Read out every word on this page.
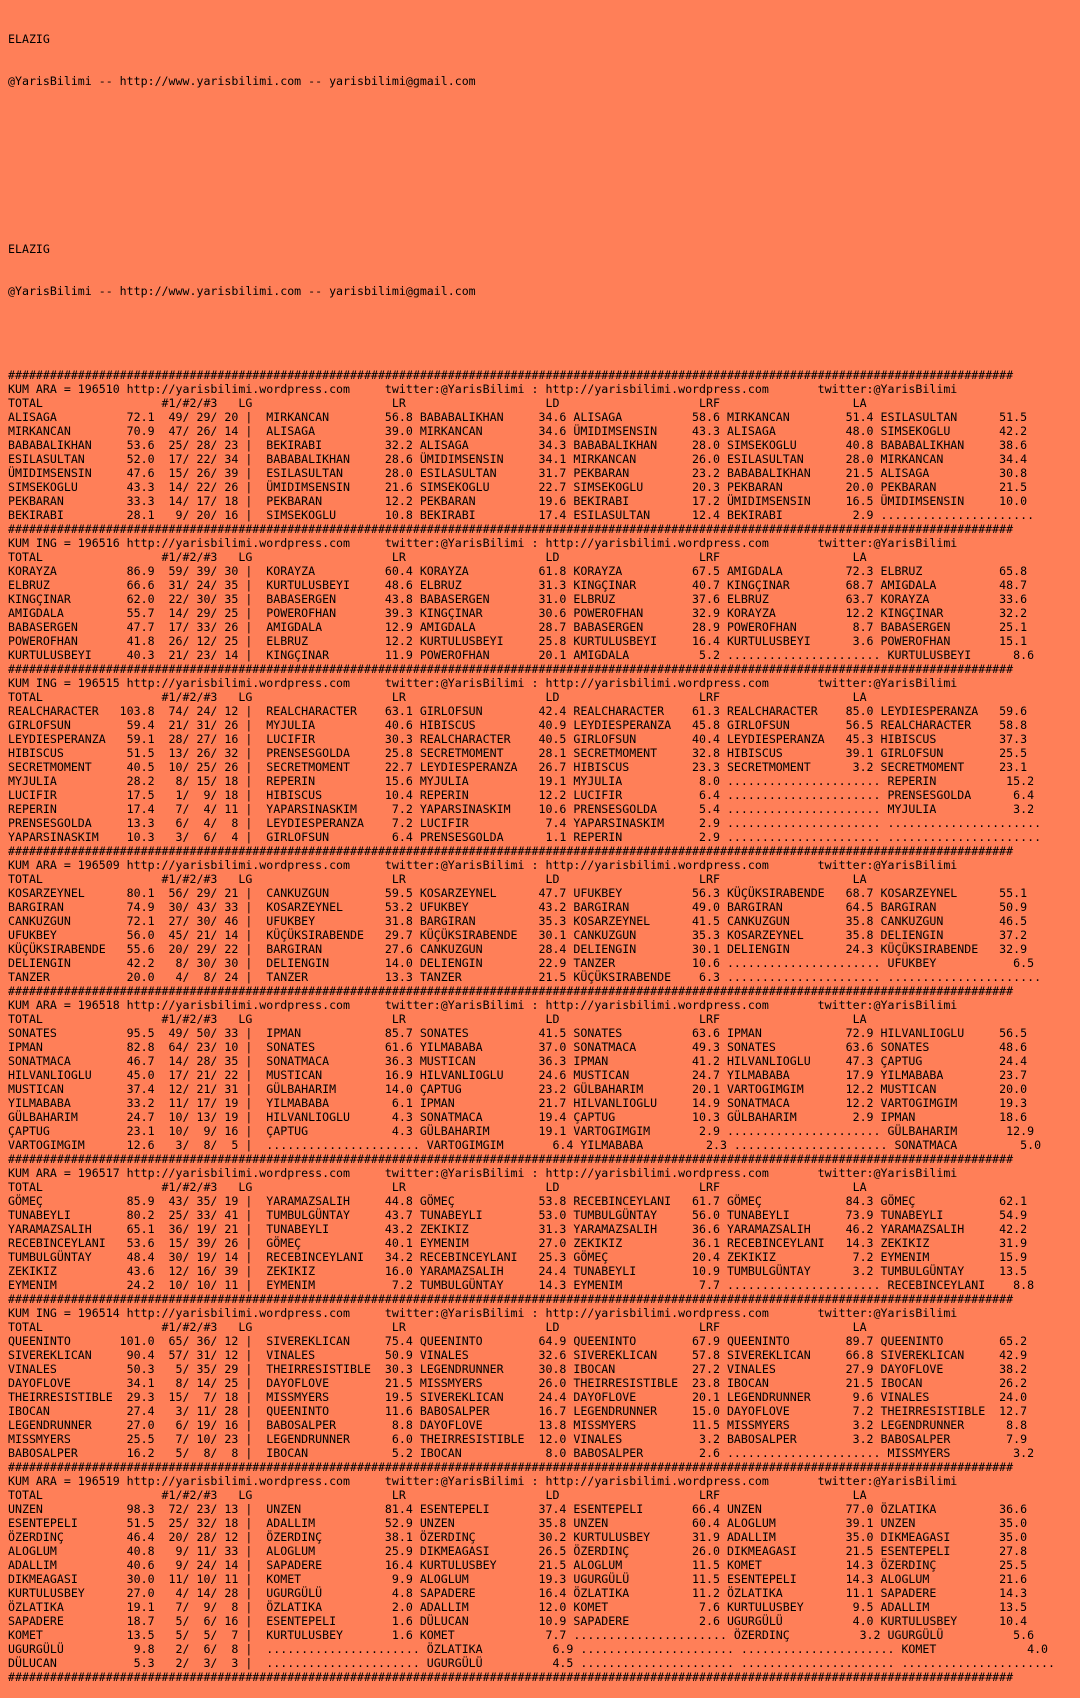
ELAZIG

@YarisBilimi -- http://www.yarisbilimi.com -- yarisbilimi@gmail.com

ELAZIG

@YarisBilimi -- http://www.yarisbilimi.com -- yarisbilimi@gmail.com

################################################################################################################################################
KUM ARA = 196510 http://yarisbilimi.wordpress.com     twitter:@YarisBilimi : http://yarisbilimi.wordpress.com       twitter:@YarisBilimi
TOTAL                 #1/#2/#3   LG                    LR                    LD                    LRF                   LA
ALISAGA          72.1  49/ 29/ 20 |  MIRKANCAN        56.8 BABABALIKHAN     34.6 ALISAGA          58.6 MIRKANCAN        51.4 ESILASULTAN      51.5
MIRKANCAN        70.9  47/ 26/ 14 |  ALISAGA          39.0 MIRKANCAN        34.6 ÜMIDIMSENSIN     43.3 ALISAGA          48.0 SIMSEKOGLU       42.2
BABABALIKHAN     53.6  25/ 28/ 23 |  BEKIRABI         32.2 ALISAGA          34.3 BABABALIKHAN     28.0 SIMSEKOGLU       40.8 BABABALIKHAN     38.6
ESILASULTAN      52.0  17/ 22/ 34 |  BABABALIKHAN     28.6 ÜMIDIMSENSIN     34.1 MIRKANCAN        26.0 ESILASULTAN      28.0 MIRKANCAN        34.4
ÜMIDIMSENSIN     47.6  15/ 26/ 39 |  ESILASULTAN      28.0 ESILASULTAN      31.7 PEKBARAN         23.2 BABABALIKHAN     21.5 ALISAGA          30.8
SIMSEKOGLU       43.3  14/ 22/ 26 |  ÜMIDIMSENSIN     21.6 SIMSEKOGLU       22.7 SIMSEKOGLU       20.3 PEKBARAN         20.0 PEKBARAN         21.5
PEKBARAN         33.3  14/ 17/ 18 |  PEKBARAN         12.2 PEKBARAN         19.6 BEKIRABI         17.2 ÜMIDIMSENSIN     16.5 ÜMIDIMSENSIN     10.0
BEKIRABI         28.1   9/ 20/ 16 |  SIMSEKOGLU       10.8 BEKIRABI         17.4 ESILASULTAN      12.4 BEKIRABI          2.9 ......................
################################################################################################################################################
KUM ING = 196516 http://yarisbilimi.wordpress.com     twitter:@YarisBilimi : http://yarisbilimi.wordpress.com       twitter:@YarisBilimi
TOTAL                 #1/#2/#3   LG                    LR                    LD                    LRF                   LA
KORAYZA          86.9  59/ 39/ 30 |  KORAYZA          60.4 KORAYZA          61.8 KORAYZA          67.5 AMIGDALA         72.3 ELBRUZ           65.8
ELBRUZ           66.6  31/ 24/ 35 |  KURTULUSBEYI     48.6 ELBRUZ           31.3 KINGÇINAR        40.7 KINGÇINAR        68.7 AMIGDALA         48.7
KINGÇINAR        62.0  22/ 30/ 35 |  BABASERGEN       43.8 BABASERGEN       31.0 ELBRUZ           37.6 ELBRUZ           63.7 KORAYZA          33.6
AMIGDALA         55.7  14/ 29/ 25 |  POWEROFHAN       39.3 KINGÇINAR        30.6 POWEROFHAN       32.9 KORAYZA          12.2 KINGÇINAR        32.2
BABASERGEN       47.7  17/ 33/ 26 |  AMIGDALA         12.9 AMIGDALA         28.7 BABASERGEN       28.9 POWEROFHAN        8.7 BABASERGEN       25.1
POWEROFHAN       41.8  26/ 12/ 25 |  ELBRUZ           12.2 KURTULUSBEYI     25.8 KURTULUSBEYI     16.4 KURTULUSBEYI      3.6 POWEROFHAN       15.1
KURTULUSBEYI     40.3  21/ 23/ 14 |  KINGÇINAR        11.9 POWEROFHAN       20.1 AMIGDALA          5.2 ...................... KURTULUSBEYI      8.6
################################################################################################################################################
KUM ING = 196515 http://yarisbilimi.wordpress.com     twitter:@YarisBilimi : http://yarisbilimi.wordpress.com       twitter:@YarisBilimi
TOTAL                 #1/#2/#3   LG                    LR                    LD                    LRF                   LA
REALCHARACTER   103.8  74/ 24/ 12 |  REALCHARACTER    63.1 GIRLOFSUN        42.4 REALCHARACTER    61.3 REALCHARACTER    85.0 LEYDIESPERANZA   59.6
GIRLOFSUN        59.4  21/ 31/ 26 |  MYJULIA          40.6 HIBISCUS         40.9 LEYDIESPERANZA   45.8 GIRLOFSUN        56.5 REALCHARACTER    58.8
LEYDIESPERANZA   59.1  28/ 27/ 16 |  LUCIFIR          30.3 REALCHARACTER    40.5 GIRLOFSUN        40.4 LEYDIESPERANZA   45.3 HIBISCUS         37.3
HIBISCUS         51.5  13/ 26/ 32 |  PRENSESGOLDA     25.8 SECRETMOMENT     28.1 SECRETMOMENT     32.8 HIBISCUS         39.1 GIRLOFSUN        25.5
SECRETMOMENT     40.5  10/ 25/ 26 |  SECRETMOMENT     22.7 LEYDIESPERANZA   26.7 HIBISCUS         23.3 SECRETMOMENT      3.2 SECRETMOMENT     23.1
MYJULIA          28.2   8/ 15/ 18 |  REPERIN          15.6 MYJULIA          19.1 MYJULIA           8.0 ...................... REPERIN          15.2
LUCIFIR          17.5   1/  9/ 18 |  HIBISCUS         10.4 REPERIN          12.2 LUCIFIR           6.4 ...................... PRENSESGOLDA      6.4
REPERIN          17.4   7/  4/ 11 |  YAPARSINASKIM     7.2 YAPARSINASKIM    10.6 PRENSESGOLDA      5.4 ...................... MYJULIA           3.2
PRENSESGOLDA     13.3   6/  4/  8 |  LEYDIESPERANZA    7.2 LUCIFIR           7.4 YAPARSINASKIM     2.9 ...................... ......................
YAPARSINASKIM    10.3   3/  6/  4 |  GIRLOFSUN         6.4 PRENSESGOLDA      1.1 REPERIN           2.9 ...................... ......................
################################################################################################################################################
KUM ARA = 196509 http://yarisbilimi.wordpress.com     twitter:@YarisBilimi : http://yarisbilimi.wordpress.com       twitter:@YarisBilimi
TOTAL                 #1/#2/#3   LG                    LR                    LD                    LRF                   LA
KOSARZEYNEL      80.1  56/ 29/ 21 |  CANKUZGUN        59.5 KOSARZEYNEL      47.7 UFUKBEY          56.3 KÜÇÜKSIRABENDE   68.7 KOSARZEYNEL      55.1
BARGIRAN         74.9  30/ 43/ 33 |  KOSARZEYNEL      53.2 UFUKBEY          43.2 BARGIRAN         49.0 BARGIRAN         64.5 BARGIRAN         50.9
CANKUZGUN        72.1  27/ 30/ 46 |  UFUKBEY          31.8 BARGIRAN         35.3 KOSARZEYNEL      41.5 CANKUZGUN        35.8 CANKUZGUN        46.5
UFUKBEY          56.0  45/ 21/ 14 |  KÜÇÜKSIRABENDE   29.7 KÜÇÜKSIRABENDE   30.1 CANKUZGUN        35.3 KOSARZEYNEL      35.8 DELIENGIN        37.2
KÜÇÜKSIRABENDE   55.6  20/ 29/ 22 |  BARGIRAN         27.6 CANKUZGUN        28.4 DELIENGIN        30.1 DELIENGIN        24.3 KÜÇÜKSIRABENDE   32.9
DELIENGIN        42.2   8/ 30/ 30 |  DELIENGIN        14.0 DELIENGIN        22.9 TANZER           10.6 ...................... UFUKBEY           6.5
TANZER           20.0   4/  8/ 24 |  TANZER           13.3 TANZER           21.5 KÜÇÜKSIRABENDE    6.3 ...................... ......................
################################################################################################################################################
KUM ARA = 196518 http://yarisbilimi.wordpress.com     twitter:@YarisBilimi : http://yarisbilimi.wordpress.com       twitter:@YarisBilimi
TOTAL                 #1/#2/#3   LG                    LR                    LD                    LRF                   LA
SONATES          95.5  49/ 50/ 33 |  IPMAN            85.7 SONATES          41.5 SONATES          63.6 IPMAN            72.9 HILVANLIOGLU     56.5
IPMAN            82.8  64/ 23/ 10 |  SONATES          61.6 YILMABABA        37.0 SONATMACA        49.3 SONATES          63.6 SONATES          48.6
SONATMACA        46.7  14/ 28/ 35 |  SONATMACA        36.3 MUSTICAN         36.3 IPMAN            41.2 HILVANLIOGLU     47.3 ÇAPTUG           24.4
HILVANLIOGLU     45.0  17/ 21/ 22 |  MUSTICAN         16.9 HILVANLIOGLU     24.6 MUSTICAN         24.7 YILMABABA        17.9 YILMABABA        23.7
MUSTICAN         37.4  12/ 21/ 31 |  GÜLBAHARIM       14.0 ÇAPTUG           23.2 GÜLBAHARIM       20.1 VARTOGIMGIM      12.2 MUSTICAN         20.0
YILMABABA        33.2  11/ 17/ 19 |  YILMABABA         6.1 IPMAN            21.7 HILVANLIOGLU     14.9 SONATMACA        12.2 VARTOGIMGIM      19.3
GÜLBAHARIM       24.7  10/ 13/ 19 |  HILVANLIOGLU      4.3 SONATMACA        19.4 ÇAPTUG           10.3 GÜLBAHARIM        2.9 IPMAN            18.6
ÇAPTUG           23.1  10/  9/ 16 |  ÇAPTUG            4.3 GÜLBAHARIM       19.1 VARTOGIMGIM       2.9 ...................... GÜLBAHARIM       12.9
VARTOGIMGIM      12.6   3/  8/  5 |  ...................... VARTOGIMGIM       6.4 YILMABABA         2.3 ...................... SONATMACA         5.0
################################################################################################################################################
KUM ARA = 196517 http://yarisbilimi.wordpress.com     twitter:@YarisBilimi : http://yarisbilimi.wordpress.com       twitter:@YarisBilimi
TOTAL                 #1/#2/#3   LG                    LR                    LD                    LRF                   LA
GÖMEÇ            85.9  43/ 35/ 19 |  YARAMAZSALIH     44.8 GÖMEÇ            53.8 RECEBINCEYLANI   61.7 GÖMEÇ            84.3 GÖMEÇ            62.1
TUNABEYLI        80.2  25/ 33/ 41 |  TUMBULGÜNTAY     43.7 TUNABEYLI        53.0 TUMBULGÜNTAY     56.0 TUNABEYLI        73.9 TUNABEYLI        54.9
YARAMAZSALIH     65.1  36/ 19/ 21 |  TUNABEYLI        43.2 ZEKIKIZ          31.3 YARAMAZSALIH     36.6 YARAMAZSALIH     46.2 YARAMAZSALIH     42.2
RECEBINCEYLANI   53.6  15/ 39/ 26 |  GÖMEÇ            40.1 EYMENIM          27.0 ZEKIKIZ          36.1 RECEBINCEYLANI   14.3 ZEKIKIZ          31.9
TUMBULGÜNTAY     48.4  30/ 19/ 14 |  RECEBINCEYLANI   34.2 RECEBINCEYLANI   25.3 GÖMEÇ            20.4 ZEKIKIZ           7.2 EYMENIM          15.9
ZEKIKIZ          43.6  12/ 16/ 39 |  ZEKIKIZ          16.0 YARAMAZSALIH     24.4 TUNABEYLI        10.9 TUMBULGÜNTAY      3.2 TUMBULGÜNTAY     13.5
EYMENIM          24.2  10/ 10/ 11 |  EYMENIM           7.2 TUMBULGÜNTAY     14.3 EYMENIM           7.7 ...................... RECEBINCEYLANI    8.8
################################################################################################################################################
KUM ING = 196514 http://yarisbilimi.wordpress.com     twitter:@YarisBilimi : http://yarisbilimi.wordpress.com       twitter:@YarisBilimi
TOTAL                 #1/#2/#3   LG                    LR                    LD                    LRF                   LA
QUEENINTO       101.0  65/ 36/ 12 |  SIVEREKLICAN     75.4 QUEENINTO        64.9 QUEENINTO        67.9 QUEENINTO        89.7 QUEENINTO        65.2
SIVEREKLICAN     90.4  57/ 31/ 12 |  VINALES          50.9 VINALES          32.6 SIVEREKLICAN     57.8 SIVEREKLICAN     66.8 SIVEREKLICAN     42.9
VINALES          50.3   5/ 35/ 29 |  THEIRRESISTIBLE  30.3 LEGENDRUNNER     30.8 IBOCAN           27.2 VINALES          27.9 DAYOFLOVE        38.2
DAYOFLOVE        34.1   8/ 14/ 25 |  DAYOFLOVE        21.5 MISSMYERS        26.0 THEIRRESISTIBLE  23.8 IBOCAN           21.5 IBOCAN           26.2
THEIRRESISTIBLE  29.3  15/  7/ 18 |  MISSMYERS        19.5 SIVEREKLICAN     24.4 DAYOFLOVE        20.1 LEGENDRUNNER      9.6 VINALES          24.0
IBOCAN           27.4   3/ 11/ 28 |  QUEENINTO        11.6 BABOSALPER       16.7 LEGENDRUNNER     15.0 DAYOFLOVE         7.2 THEIRRESISTIBLE  12.7
LEGENDRUNNER     27.0   6/ 19/ 16 |  BABOSALPER        8.8 DAYOFLOVE        13.8 MISSMYERS        11.5 MISSMYERS         3.2 LEGENDRUNNER      8.8
MISSMYERS        25.5   7/ 10/ 23 |  LEGENDRUNNER      6.0 THEIRRESISTIBLE  12.0 VINALES           3.2 BABOSALPER        3.2 BABOSALPER        7.9
BABOSALPER       16.2   5/  8/  8 |  IBOCAN            5.2 IBOCAN            8.0 BABOSALPER        2.6 ...................... MISSMYERS         3.2
################################################################################################################################################
KUM ARA = 196519 http://yarisbilimi.wordpress.com     twitter:@YarisBilimi : http://yarisbilimi.wordpress.com       twitter:@YarisBilimi
TOTAL                 #1/#2/#3   LG                    LR                    LD                    LRF                   LA
UNZEN            98.3  72/ 23/ 13 |  UNZEN            81.4 ESENTEPELI       37.4 ESENTEPELI       66.4 UNZEN            77.0 ÖZLATIKA         36.6
ESENTEPELI       51.5  25/ 32/ 18 |  ADALLIM          52.9 UNZEN            35.8 UNZEN            60.4 ALOGLUM          39.1 UNZEN            35.0
ÖZERDINÇ         46.4  20/ 28/ 12 |  ÖZERDINÇ         38.1 ÖZERDINÇ         30.2 KURTULUSBEY      31.9 ADALLIM          35.0 DIKMEAGASI       35.0
ALOGLUM          40.8   9/ 11/ 33 |  ALOGLUM          25.9 DIKMEAGASI       26.5 ÖZERDINÇ         26.0 DIKMEAGASI       21.5 ESENTEPELI       27.8
ADALLIM          40.6   9/ 24/ 14 |  SAPADERE         16.4 KURTULUSBEY      21.5 ALOGLUM          11.5 KOMET            14.3 ÖZERDINÇ         25.5
DIKMEAGASI       30.0  11/ 10/ 11 |  KOMET             9.9 ALOGLUM          19.3 UGURGÜLÜ         11.5 ESENTEPELI       14.3 ALOGLUM          21.6
KURTULUSBEY      27.0   4/ 14/ 28 |  UGURGÜLÜ          4.8 SAPADERE         16.4 ÖZLATIKA         11.2 ÖZLATIKA         11.1 SAPADERE         14.3
ÖZLATIKA         19.1   7/  9/  8 |  ÖZLATIKA          2.0 ADALLIM          12.0 KOMET             7.6 KURTULUSBEY       9.5 ADALLIM          13.5
SAPADERE         18.7   5/  6/ 16 |  ESENTEPELI        1.6 DÜLUCAN          10.9 SAPADERE          2.6 UGURGÜLÜ          4.0 KURTULUSBEY      10.4
KOMET            13.5   5/  5/  7 |  KURTULUSBEY       1.6 KOMET             7.7 ...................... ÖZERDINÇ          3.2 UGURGÜLÜ          5.6
UGURGÜLÜ          9.8   2/  6/  8 |  ...................... ÖZLATIKA          6.9 ...................... ...................... KOMET             4.0
DÜLUCAN           5.3   2/  3/  3 |  ...................... UGURGÜLÜ          4.5 ...................... ...................... ......................
################################################################################################################################################
